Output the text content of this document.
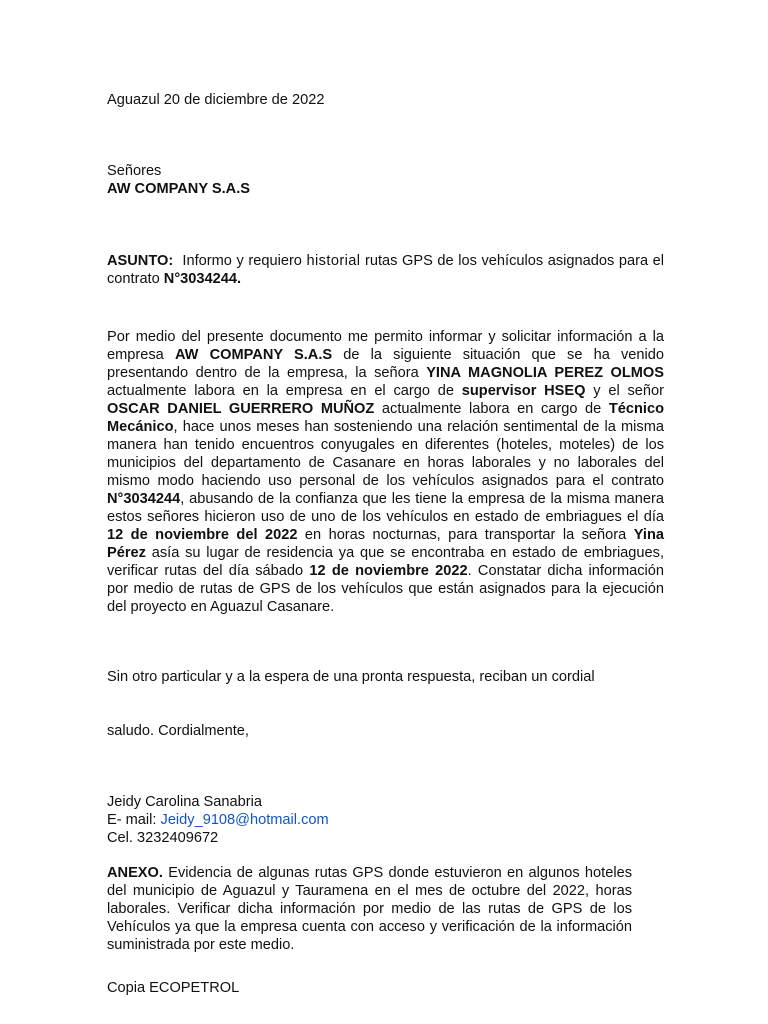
Aguazul 20 de diciembre de 2022

Señores
AW COMPANY S.A.S

ASUNTO: Informo y requiero historial rutas GPS de los vehículos asignados para el contrato N°3034244.

Por medio del presente documento me permito informar y solicitar información a la empresa AW COMPANY S.A.S de la siguiente situación que se ha venido presentando dentro de la empresa, la señora YINA MAGNOLIA PEREZ OLMOS actualmente labora en la empresa en el cargo de supervisor HSEQ y el señor OSCAR DANIEL GUERRERO MUÑOZ actualmente labora en cargo de Técnico Mecánico, hace unos meses han sosteniendo una relación sentimental de la misma manera han tenido encuentros conyugales en diferentes (hoteles, moteles) de los municipios del departamento de Casanare en horas laborales y no laborales del mismo modo haciendo uso personal de los vehículos asignados para el contrato N°3034244, abusando de la confianza que les tiene la empresa de la misma manera estos señores hicieron uso de uno de los vehículos en estado de embriagues el día 12 de noviembre del 2022 en horas nocturnas, para transportar la señora Yina Pérez asía su lugar de residencia ya que se encontraba en estado de embriagues, verificar rutas del día sábado 12 de noviembre 2022. Constatar dicha información por medio de rutas de GPS de los vehículos que están asignados para la ejecución del proyecto en Aguazul Casanare.

Sin otro particular y a la espera de una pronta respuesta, reciban un cordial

saludo. Cordialmente,

Jeidy Carolina Sanabria
E- mail: Jeidy_9108@hotmail.com
Cel. 3232409672

ANEXO. Evidencia de algunas rutas GPS donde estuvieron en algunos hoteles del municipio de Aguazul y Tauramena en el mes de octubre del 2022, horas laborales. Verificar dicha información por medio de las rutas de GPS de los Vehículos ya que la empresa cuenta con acceso y verificación de la información suministrada por este medio.

Copia ECOPETROL
